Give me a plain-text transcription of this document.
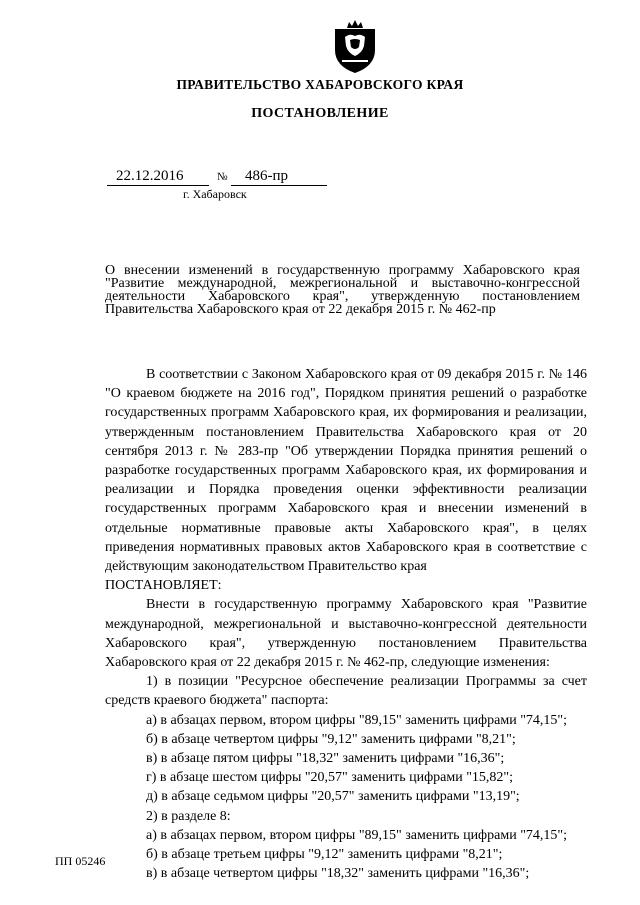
ПРАВИТЕЛЬСТВО ХАБАРОВСКОГО КРАЯ
ПОСТАНОВЛЕНИЕ
22.12.2016	№ 486-пр
г. Хабаровск
О внесении изменений в государственную программу Хабаровского края "Развитие международной, межрегиональной и выставочно-конгрессной деятельности Хабаровского края", утвержденную постановлением Правительства Хабаровского края от 22 декабря 2015 г. № 462-пр
В соответствии с Законом Хабаровского края от 09 декабря 2015 г. № 146 "О краевом бюджете на 2016 год", Порядком принятия решений о разработке государственных программ Хабаровского края, их формирования и реализации, утвержденным постановлением Правительства Хабаровского края от 20 сентября 2013 г. № 283-пр "Об утверждении Порядка принятия решений о разработке государственных программ Хабаровского края, их формирования и реализации и Порядка проведения оценки эффективности реализации государственных программ Хабаровского края и внесении изменений в отдельные нормативные правовые акты Хабаровского края", в целях приведения нормативных правовых актов Хабаровского края в соответствие с действующим законодательством Правительство края
ПОСТАНОВЛЯЕТ:
Внести в государственную программу Хабаровского края "Развитие международной, межрегиональной и выставочно-конгрессной деятельности Хабаровского края", утвержденную постановлением Правительства Хабаровского края от 22 декабря 2015 г. № 462-пр, следующие изменения:
1) в позиции "Ресурсное обеспечение реализации Программы за счет средств краевого бюджета" паспорта:
а) в абзацах первом, втором цифры "89,15" заменить цифрами "74,15";
б) в абзаце четвертом цифры "9,12" заменить цифрами "8,21";
в) в абзаце пятом цифры "18,32" заменить цифрами "16,36";
г) в абзаце шестом цифры "20,57" заменить цифрами "15,82";
д) в абзаце седьмом цифры "20,57" заменить цифрами "13,19";
2) в разделе 8:
а) в абзацах первом, втором цифры "89,15" заменить цифрами "74,15";
б) в абзаце третьем цифры "9,12" заменить цифрами "8,21";
в) в абзаце четвертом цифры "18,32" заменить цифрами "16,36";
ПП 05246
